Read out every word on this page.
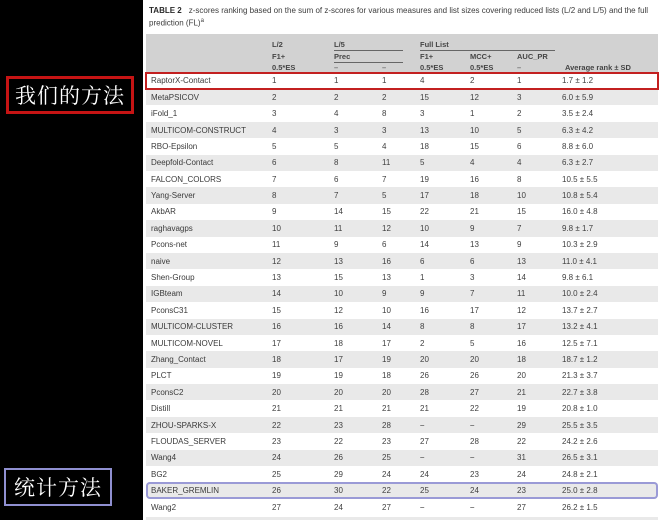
TABLE 2 z-scores ranking based on the sum of z-scores for various measures and list sizes covering reduced lists (L/2 and L/5) and the full prediction (FL)$^a$
L/2	L/5	Full List
F1+	Prec	F1+	MCC+	AUC_PR
0.5*ES	–	–	0.5*ES	0.5*ES	–	Average rank ± SD
RaptorX-Contact	1	1	1	4	2	1	1.7 ± 1.2
MetaPSICOV	2	2	2	15	12	3	6.0 ± 5.9
iFold_1	3	4	8	3	1	2	3.5 ± 2.4
MULTICOM-CONSTRUCT	4	3	3	13	10	5	6.3 ± 4.2
RBO-Epsilon	5	5	4	18	15	6	8.8 ± 6.0
Deepfold-Contact	6	8	11	5	4	4	6.3 ± 2.7
FALCON_COLORS	7	6	7	19	16	8	10.5 ± 5.5
Yang-Server	8	7	5	17	18	10	10.8 ± 5.4
AkbAR	9	14	15	22	21	15	16.0 ± 4.8
raghavagps	10	11	12	10	9	7	9.8 ± 1.7
Pcons-net	11	9	6	14	13	9	10.3 ± 2.9
naive	12	13	16	6	6	13	11.0 ± 4.1
Shen-Group	13	15	13	1	3	14	9.8 ± 6.1
IGBteam	14	10	9	9	7	11	10.0 ± 2.4
PconsC31	15	12	10	16	17	12	13.7 ± 2.7
MULTICOM-CLUSTER	16	16	14	8	8	17	13.2 ± 4.1
MULTICOM-NOVEL	17	18	17	2	5	16	12.5 ± 7.1
Zhang_Contact	18	17	19	20	20	18	18.7 ± 1.2
PLCT	19	19	18	26	26	20	21.3 ± 3.7
PconsC2	20	20	20	28	27	21	22.7 ± 3.8
Distill	21	21	21	21	22	19	20.8 ± 1.0
ZHOU-SPARKS-X	22	23	28	–	–	29	25.5 ± 3.5
FLOUDAS_SERVER	23	22	23	27	28	22	24.2 ± 2.6
Wang4	24	26	25	–	–	31	26.5 ± 3.1
BG2	25	29	24	24	23	24	24.8 ± 2.1
BAKER_GREMLIN	26	30	22	25	24	23	25.0 ± 2.8
Wang2	27	24	27	–	–	27	26.2 ± 1.5
我们的方法
统计方法
